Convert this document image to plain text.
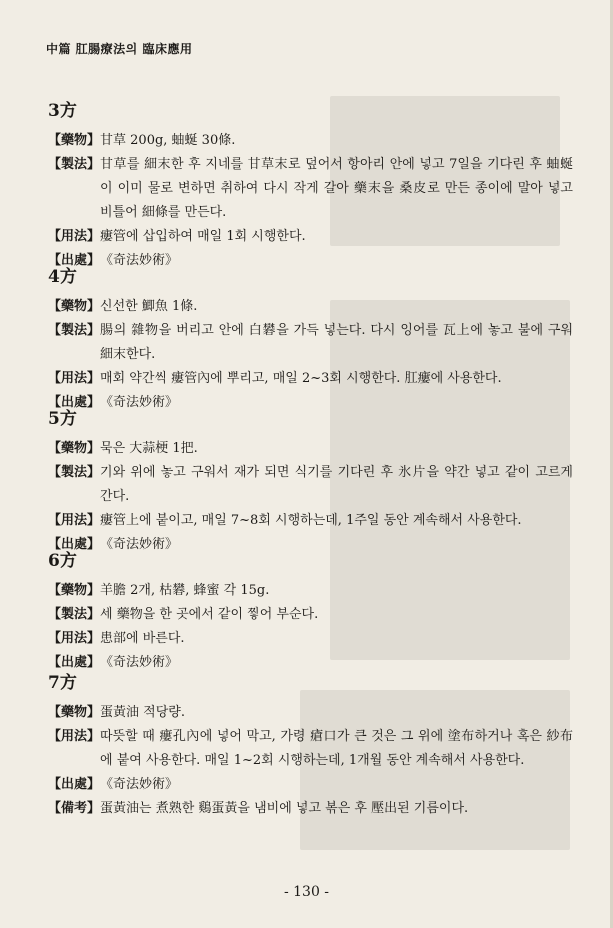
中篇 肛腸療法의 臨床應用
3方
【藥物】 甘草 200g, 蚰蜒 30條.
【製法】 甘草를 細末한 후 지네를 甘草末로 덮어서 항아리 안에 넣고 7일을 기다린 후 蚰蜒이 이미 물로 변하면 취하여 다시 작게 갈아 藥末을 桑皮로 만든 종이에 말아 넣고 비틀어 細條를 만든다.
【用法】 瘻管에 삽입하여 매일 1회 시행한다.
【出處】 《奇法妙術》
4方
【藥物】 신선한 鯽魚 1條.
【製法】 腸의 雜物을 버리고 안에 白礬을 가득 넣는다. 다시 잉어를 瓦上에 놓고 불에 구워 細末한다.
【用法】 매회 약간씩 瘻管內에 뿌리고, 매일 2~3회 시행한다. 肛瘻에 사용한다.
【出處】 《奇法妙術》
5方
【藥物】 묵은 大蒜梗 1把.
【製法】 기와 위에 놓고 구워서 재가 되면 식기를 기다린 후 氷片을 약간 넣고 같이 고르게 간다.
【用法】 瘻管上에 붙이고, 매일 7~8회 시행하는데, 1주일 동안 계속해서 사용한다.
【出處】 《奇法妙術》
6方
【藥物】 羊膽 2개, 枯礬, 蜂蜜 각 15g.
【製法】 세 藥物을 한 곳에서 같이 찧어 부순다.
【用法】 患部에 바른다.
【出處】 《奇法妙術》
7方
【藥物】 蛋黃油 적당량.
【用法】 따뜻할 때 瘻孔內에 넣어 막고, 가령 瘡口가 큰 것은 그 위에 塗布하거나 혹은 紗布에 붙여 사용한다. 매일 1~2회 시행하는데, 1개월 동안 계속해서 사용한다.
【出處】 《奇法妙術》
【備考】 蛋黃油는 煮熟한 鷄蛋黃을 냄비에 넣고 볶은 후 壓出된 기름이다.
- 130 -
